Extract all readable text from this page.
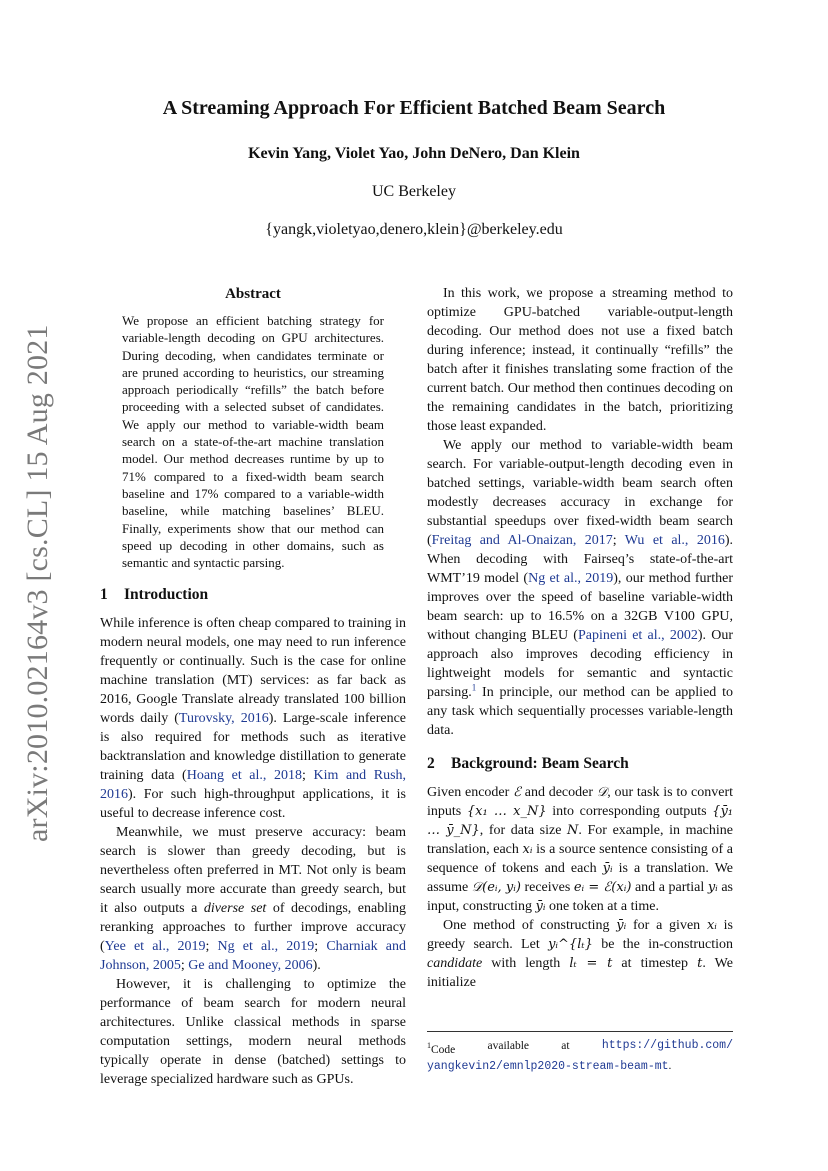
arXiv:2010.02164v3 [cs.CL] 15 Aug 2021
A Streaming Approach For Efficient Batched Beam Search
Kevin Yang, Violet Yao, John DeNero, Dan Klein
UC Berkeley
{yangk,violetyao,denero,klein}@berkeley.edu
Abstract

We propose an efficient batching strategy for variable-length decoding on GPU architectures. During decoding, when candidates terminate or are pruned according to heuristics, our streaming approach periodically “refills” the batch before proceeding with a selected subset of candidates. We apply our method to variable-width beam search on a state-of-the-art machine translation model. Our method decreases runtime by up to 71% compared to a fixed-width beam search baseline and 17% compared to a variable-width baseline, while matching baselines’ BLEU. Finally, experiments show that our method can speed up decoding in other domains, such as semantic and syntactic parsing.

1 Introduction

While inference is often cheap compared to training in modern neural models, one may need to run inference frequently or continually. Such is the case for online machine translation (MT) services: as far back as 2016, Google Translate already translated 100 billion words daily (Turovsky, 2016). Large-scale inference is also required for methods such as iterative backtranslation and knowledge distillation to generate training data (Hoang et al., 2018; Kim and Rush, 2016). For such high-throughput applications, it is useful to decrease inference cost.

Meanwhile, we must preserve accuracy: beam search is slower than greedy decoding, but is nevertheless often preferred in MT. Not only is beam search usually more accurate than greedy search, but it also outputs a diverse set of decodings, enabling reranking approaches to further improve accuracy (Yee et al., 2019; Ng et al., 2019; Charniak and Johnson, 2005; Ge and Mooney, 2006).

However, it is challenging to optimize the performance of beam search for modern neural architectures. Unlike classical methods in sparse computation settings, modern neural methods typically operate in dense (batched) settings to leverage specialized hardware such as GPUs.

In this work, we propose a streaming method to optimize GPU-batched variable-output-length decoding. Our method does not use a fixed batch during inference; instead, it continually “refills” the batch after it finishes translating some fraction of the current batch. Our method then continues decoding on the remaining candidates in the batch, prioritizing those least expanded.

We apply our method to variable-width beam search. For variable-output-length decoding even in batched settings, variable-width beam search often modestly decreases accuracy in exchange for substantial speedups over fixed-width beam search (Freitag and Al-Onaizan, 2017; Wu et al., 2016). When decoding with Fairseq’s state-of-the-art WMT’19 model (Ng et al., 2019), our method further improves over the speed of baseline variable-width beam search: up to 16.5% on a 32GB V100 GPU, without changing BLEU (Papineni et al., 2002). Our approach also improves decoding efficiency in lightweight models for semantic and syntactic parsing.$^1$ In principle, our method can be applied to any task which sequentially processes variable-length data.

2 Background: Beam Search

Given encoder ℰ and decoder 𝒟, our task is to convert inputs {x₁ … x_N} into corresponding outputs {ȳ₁ … ȳ_N}, for data size N. For example, in machine translation, each xᵢ is a source sentence consisting of a sequence of tokens and each ȳᵢ is a translation. We assume 𝒟(eᵢ, yᵢ) receives eᵢ = ℰ(xᵢ) and a partial yᵢ as input, constructing ȳᵢ one token at a time.

One method of constructing ȳᵢ for a given xᵢ is greedy search. Let yᵢ^{lₜ} be the in-construction candidate with length lₜ = t at timestep t. We initialize

$^1$Code	available	at	https://github.com/
yangkevin2/emnlp2020-stream-beam-mt.
